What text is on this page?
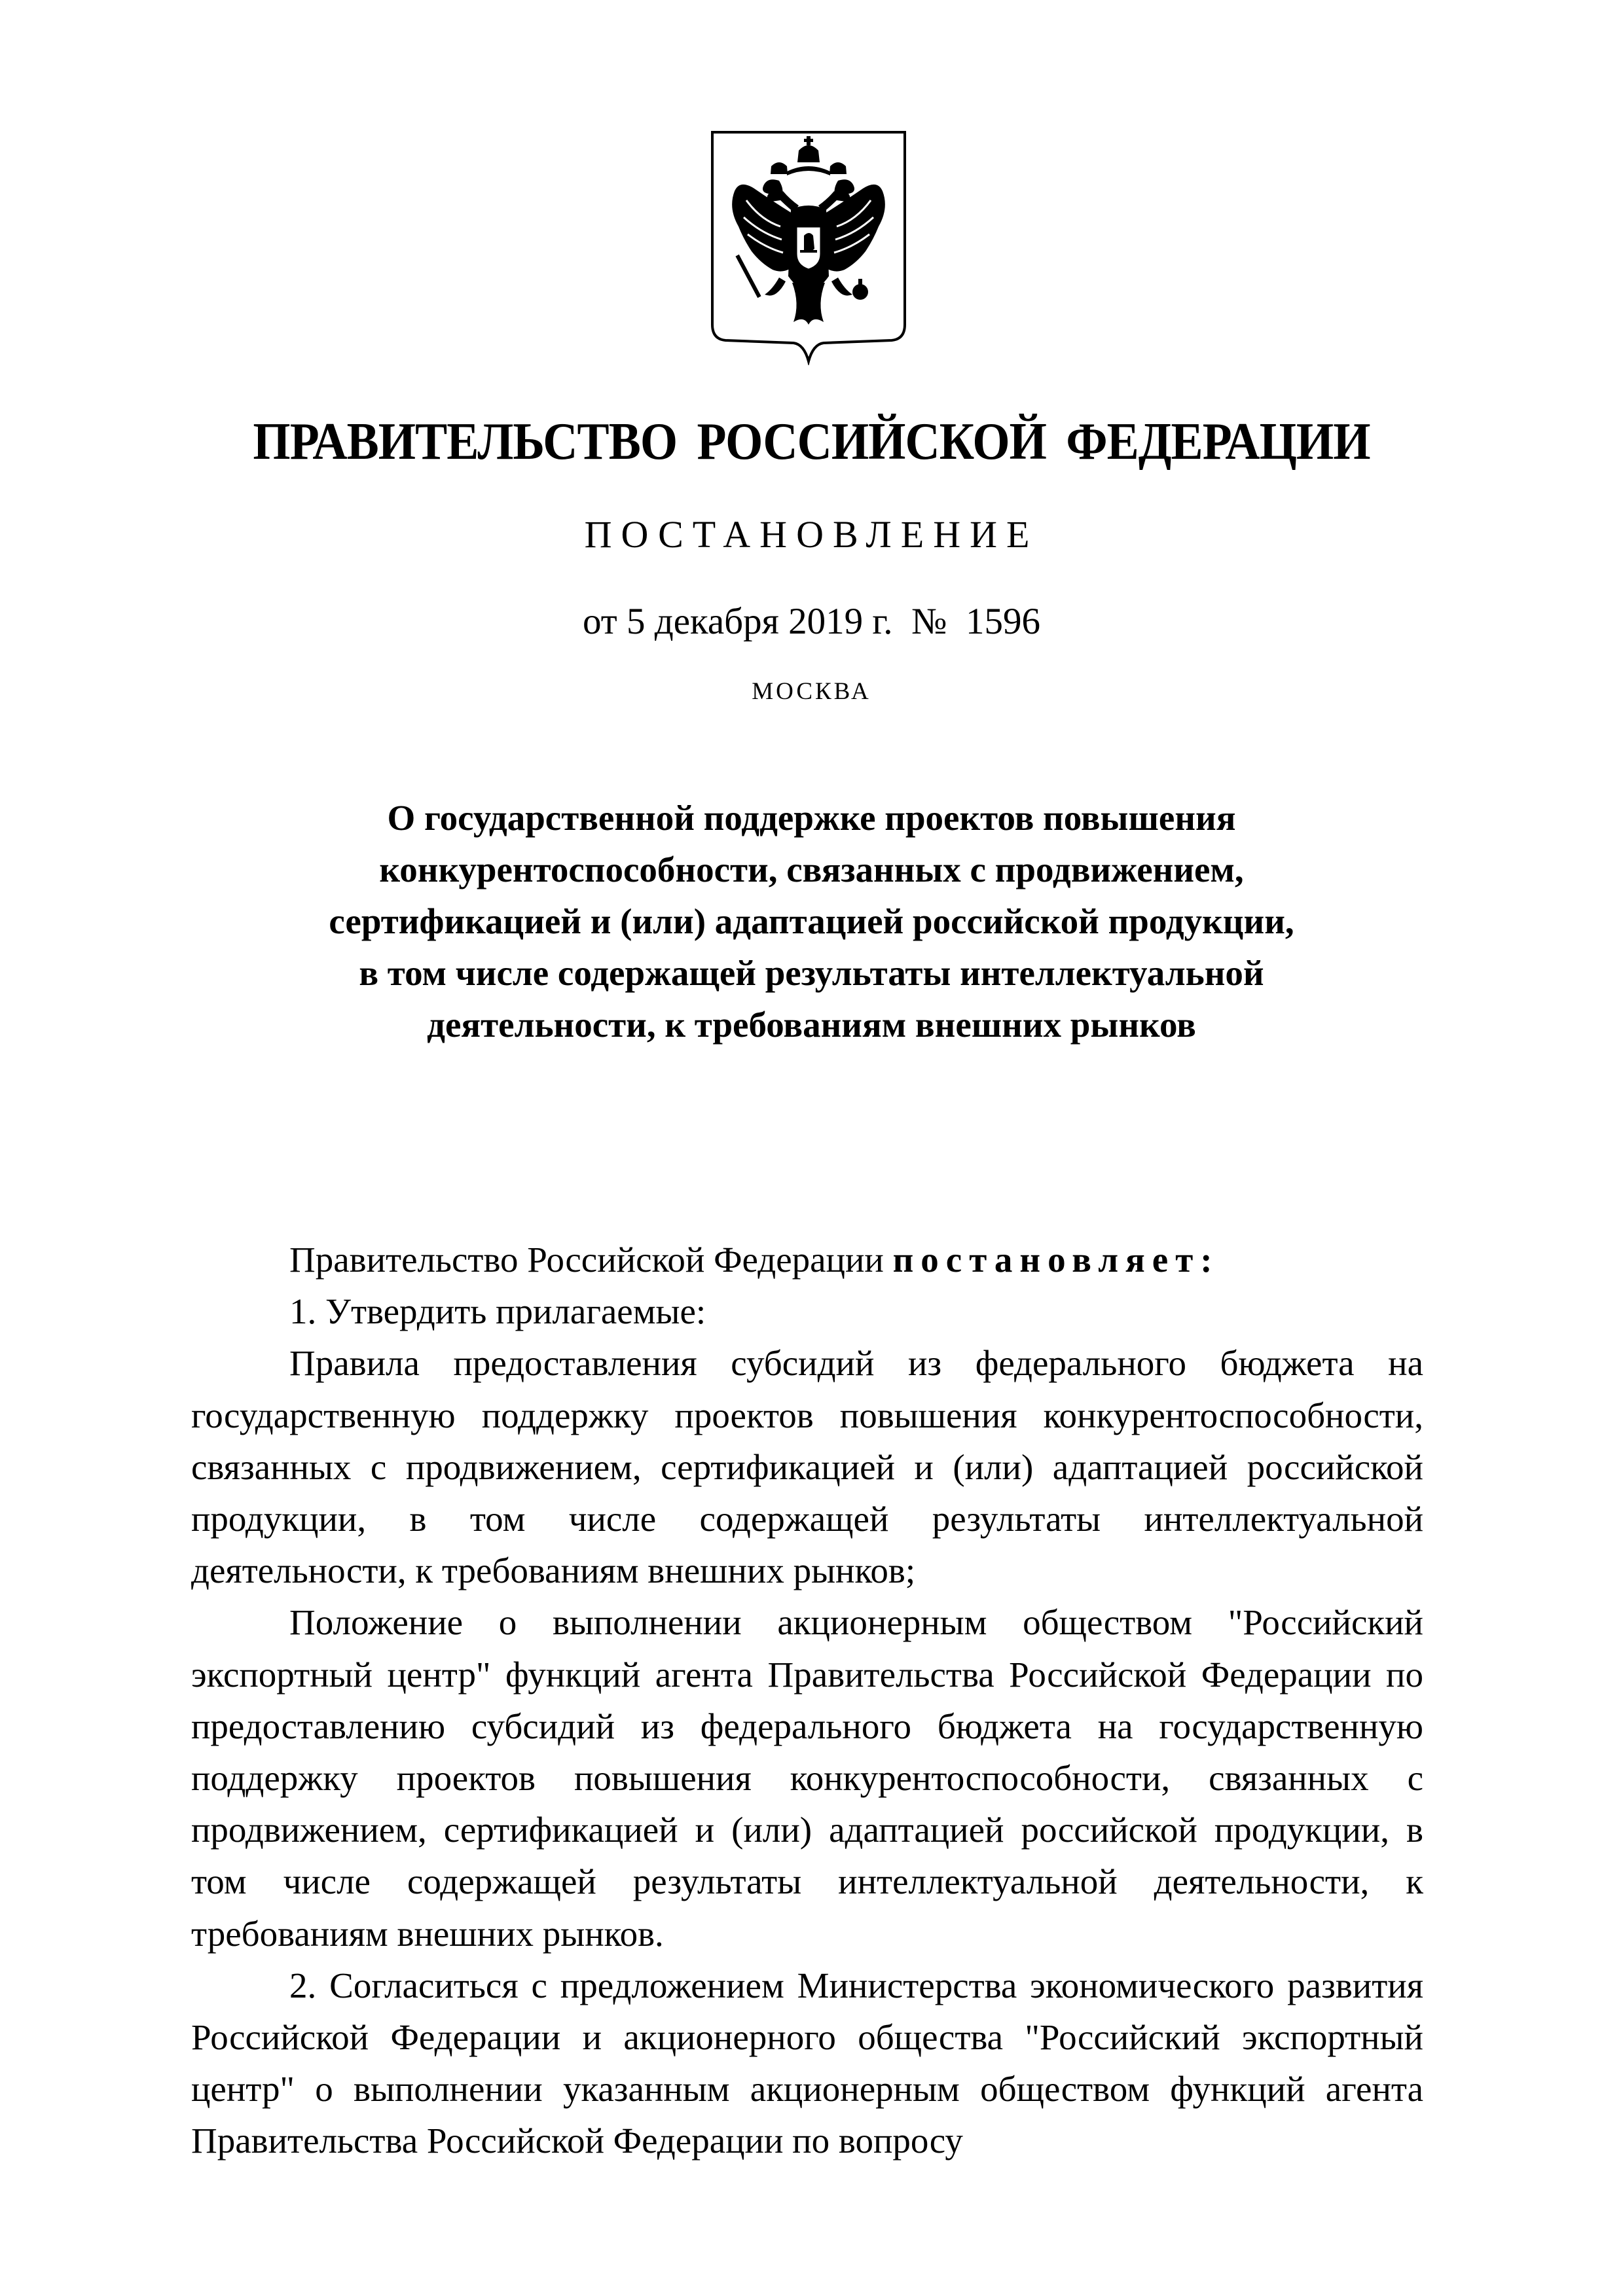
ПРАВИТЕЛЬСТВО РОССИЙСКОЙ ФЕДЕРАЦИИ
ПОСТАНОВЛЕНИЕ
от 5 декабря 2019 г. № 1596
МОСКВА
О государственной поддержке проектов повышения
конкурентоспособности, связанных с продвижением,
сертификацией и (или) адаптацией российской продукции,
в том числе содержащей результаты интеллектуальной
деятельности, к требованиям внешних рынков

Правительство Российской Федерации постановляет:

1. Утвердить прилагаемые:

Правила предоставления субсидий из федерального бюджета на государственную поддержку проектов повышения конкурентоспособности, связанных с продвижением, сертификацией и (или) адаптацией российской продукции, в том числе содержащей результаты интеллектуальной деятельности, к требованиям внешних рынков;

Положение о выполнении акционерным обществом "Российский экспортный центр" функций агента Правительства Российской Федерации по предоставлению субсидий из федерального бюджета на государственную поддержку проектов повышения конкурентоспособности, связанных с продвижением, сертификацией и (или) адаптацией российской продукции, в том числе содержащей результаты интеллектуальной деятельности, к требованиям внешних рынков.

2. Согласиться с предложением Министерства экономического развития Российской Федерации и акционерного общества "Российский экспортный центр" о выполнении указанным акционерным обществом функций агента Правительства Российской Федерации по вопросу
